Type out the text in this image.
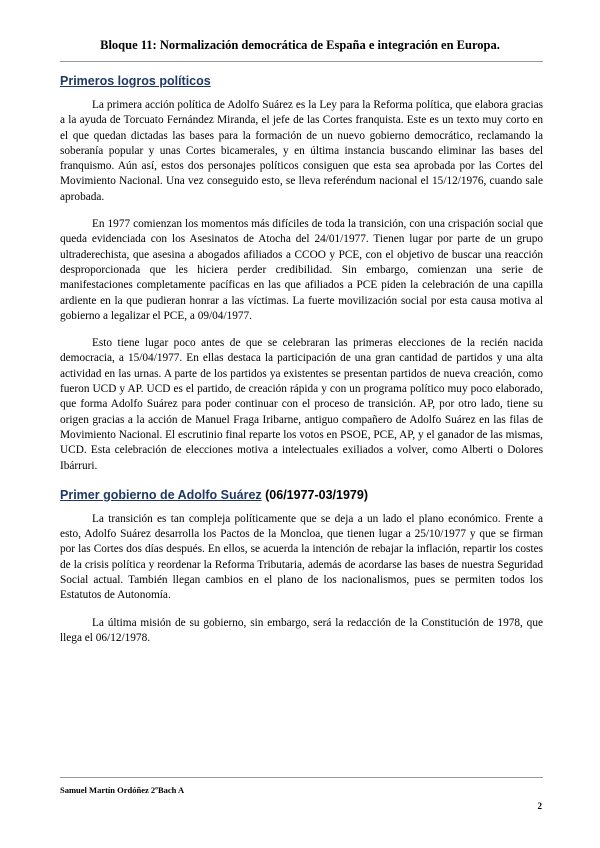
Bloque 11: Normalización democrática de España e integración en Europa.
Primeros logros políticos

La primera acción política de Adolfo Suárez es la Ley para la Reforma política, que elabora gracias a la ayuda de Torcuato Fernández Miranda, el jefe de las Cortes franquista. Este es un texto muy corto en el que quedan dictadas las bases para la formación de un nuevo gobierno democrático, reclamando la soberanía popular y unas Cortes bicamerales, y en última instancia buscando eliminar las bases del franquismo. Aún así, estos dos personajes políticos consiguen que esta sea aprobada por las Cortes del Movimiento Nacional. Una vez conseguido esto, se lleva referéndum nacional el 15/12/1976, cuando sale aprobada.

En 1977 comienzan los momentos más difíciles de toda la transición, con una crispación social que queda evidenciada con los Asesinatos de Atocha del 24/01/1977. Tienen lugar por parte de un grupo ultraderechista, que asesina a abogados afiliados a CCOO y PCE, con el objetivo de buscar una reacción desproporcionada que les hiciera perder credibilidad. Sin embargo, comienzan una serie de manifestaciones completamente pacíficas en las que afiliados a PCE piden la celebración de una capilla ardiente en la que pudieran honrar a las víctimas. La fuerte movilización social por esta causa motiva al gobierno a legalizar el PCE, a 09/04/1977.

Esto tiene lugar poco antes de que se celebraran las primeras elecciones de la recién nacida democracia, a 15/04/1977. En ellas destaca la participación de una gran cantidad de partidos y una alta actividad en las urnas. A parte de los partidos ya existentes se presentan partidos de nueva creación, como fueron UCD y AP. UCD es el partido, de creación rápida y con un programa político muy poco elaborado, que forma Adolfo Suárez para poder continuar con el proceso de transición. AP, por otro lado, tiene su origen gracias a la acción de Manuel Fraga Iribarne, antiguo compañero de Adolfo Suárez en las filas de Movimiento Nacional. El escrutinio final reparte los votos en PSOE, PCE, AP, y el ganador de las mismas, UCD. Esta celebración de elecciones motiva a intelectuales exiliados a volver, como Alberti o Dolores Ibárruri.

Primer gobierno de Adolfo Suárez (06/1977-03/1979)

La transición es tan compleja políticamente que se deja a un lado el plano económico. Frente a esto, Adolfo Suárez desarrolla los Pactos de la Moncloa, que tienen lugar a 25/10/1977 y que se firman por las Cortes dos días después. En ellos, se acuerda la intención de rebajar la inflación, repartir los costes de la crisis política y reordenar la Reforma Tributaria, además de acordarse las bases de nuestra Seguridad Social actual. También llegan cambios en el plano de los nacionalismos, pues se permiten todos los Estatutos de Autonomía.

La última misión de su gobierno, sin embargo, será la redacción de la Constitución de 1978, que llega el 06/12/1978.

Samuel Martín Ordóñez 2ºBach A
2
